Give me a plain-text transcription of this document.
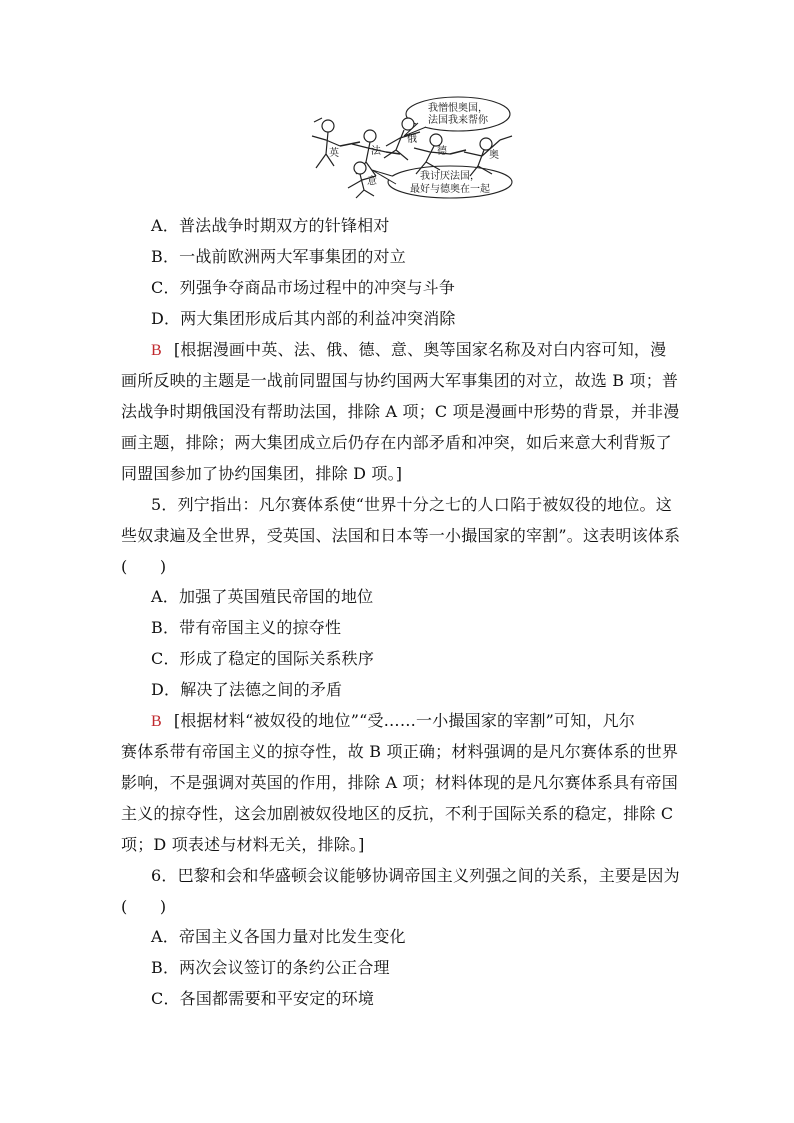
我憎恨奥国，
法国我来帮你
我讨厌法国，
最好与德奥在一起
英	法
俄
德	奥
意
A．普法战争时期双方的针锋相对
B．一战前欧洲两大军事集团的对立
C．列强争夺商品市场过程中的冲突与斗争
D．两大集团形成后其内部的利益冲突消除
B [根据漫画中英、法、俄、德、意、奥等国家名称及对白内容可知，漫
画所反映的主题是一战前同盟国与协约国两大军事集团的对立，故选 B 项；普
法战争时期俄国没有帮助法国，排除 A 项；C 项是漫画中形势的背景，并非漫
画主题，排除；两大集团成立后仍存在内部矛盾和冲突，如后来意大利背叛了
同盟国参加了协约国集团，排除 D 项。]
5．列宁指出：凡尔赛体系使“世界十分之七的人口陷于被奴役的地位。这
些奴隶遍及全世界，受英国、法国和日本等一小撮国家的宰割”。这表明该体系
(　　)
A．加强了英国殖民帝国的地位
B．带有帝国主义的掠夺性
C．形成了稳定的国际关系秩序
D．解决了法德之间的矛盾
B [根据材料“被奴役的地位”“受……一小撮国家的宰割”可知，凡尔
赛体系带有帝国主义的掠夺性，故 B 项正确；材料强调的是凡尔赛体系的世界
影响，不是强调对英国的作用，排除 A 项；材料体现的是凡尔赛体系具有帝国
主义的掠夺性，这会加剧被奴役地区的反抗，不利于国际关系的稳定，排除 C
项；D 项表述与材料无关，排除。]
6．巴黎和会和华盛顿会议能够协调帝国主义列强之间的关系，主要是因为
(　　)
A．帝国主义各国力量对比发生变化
B．两次会议签订的条约公正合理
C．各国都需要和平安定的环境
